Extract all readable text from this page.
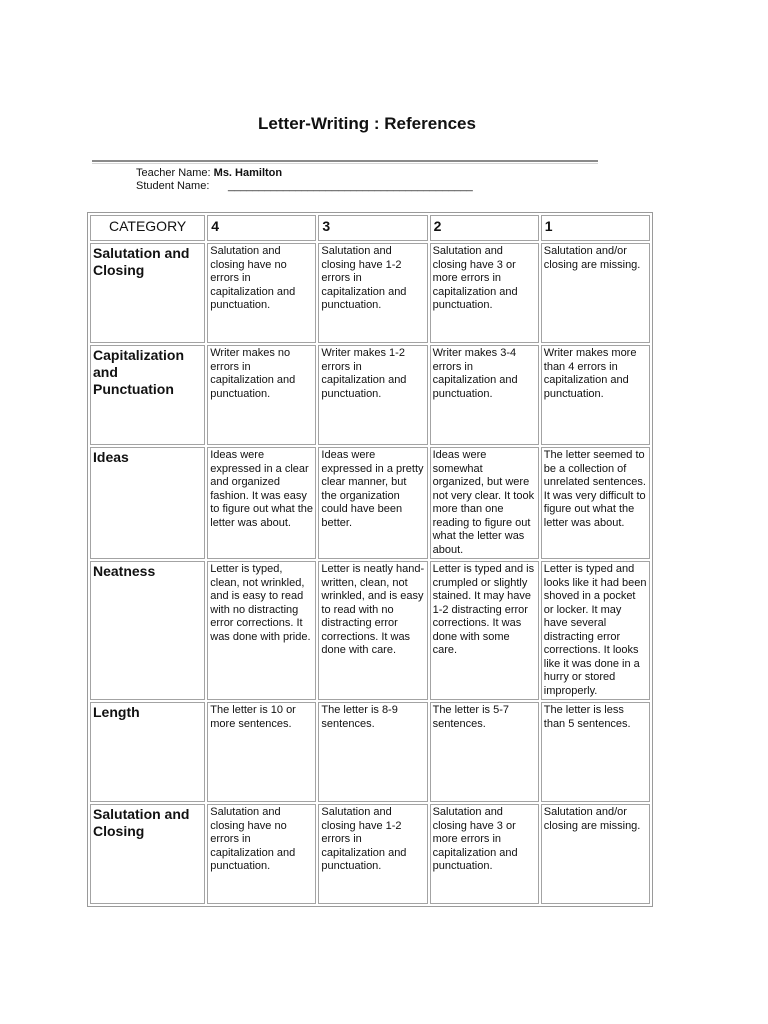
Letter-Writing : References
Teacher Name: Ms. Hamilton
Student Name: ________________________________________
CATEGORY	4	3	2	1
Salutation and Closing	Salutation and closing have no errors in capitalization and punctuation.	Salutation and closing have 1-2 errors in capitalization and punctuation.	Salutation and closing have 3 or more errors in capitalization and punctuation.	Salutation and/or closing are missing.
Capitalization and Punctuation	Writer makes no errors in capitalization and punctuation.	Writer makes 1-2 errors in capitalization and punctuation.	Writer makes 3-4 errors in capitalization and punctuation.	Writer makes more than 4 errors in capitalization and punctuation.
Ideas	Ideas were expressed in a clear and organized fashion. It was easy to figure out what the letter was about.	Ideas were expressed in a pretty clear manner, but the organization could have been better.	Ideas were somewhat organized, but were not very clear. It took more than one reading to figure out what the letter was about.	The letter seemed to be a collection of unrelated sentences. It was very difficult to figure out what the letter was about.
Neatness	Letter is typed, clean, not wrinkled, and is easy to read with no distracting error corrections. It was done with pride.	Letter is neatly hand-written, clean, not wrinkled, and is easy to read with no distracting error corrections. It was done with care.	Letter is typed and is crumpled or slightly stained. It may have 1-2 distracting error corrections. It was done with some care.	Letter is typed and looks like it had been shoved in a pocket or locker. It may have several distracting error corrections. It looks like it was done in a hurry or stored improperly.
Length	The letter is 10 or more sentences.	The letter is 8-9 sentences.	The letter is 5-7 sentences.	The letter is less than 5 sentences.
Salutation and Closing	Salutation and closing have no errors in capitalization and punctuation.	Salutation and closing have 1-2 errors in capitalization and punctuation.	Salutation and closing have 3 or more errors in capitalization and punctuation.	Salutation and/or closing are missing.
